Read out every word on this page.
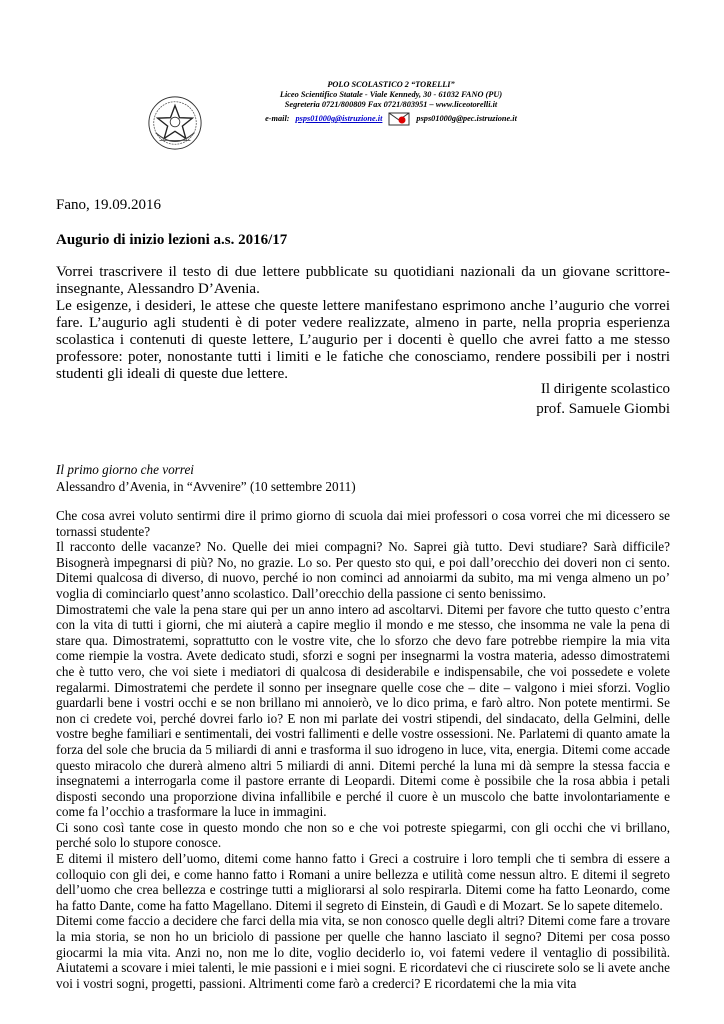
POLO SCOLASTICO 2 “TORELLI”
Liceo Scientifico Statale - Viale Kennedy, 30 - 61032 FANO (PU)
Segreteria 0721/800809 Fax 0721/803951 – www.liceotorelli.it
e-mail: psps01000g@istruzione.it	psps01000g@pec.istruzione.it
Fano, 19.09.2016
Augurio di inizio lezioni a.s. 2016/17

Vorrei trascrivere il testo di due lettere pubblicate su quotidiani nazionali da un giovane scrittore-insegnante, Alessandro D’Avenia.

Le esigenze, i desideri, le attese che queste lettere manifestano esprimono anche l’augurio che vorrei fare. L’augurio agli studenti è di poter vedere realizzate, almeno in parte, nella propria esperienza scolastica i contenuti di queste lettere, L’augurio per i docenti è quello che avrei fatto a me stesso professore: poter, nonostante tutti i limiti e le fatiche che conosciamo, rendere possibili per i nostri studenti gli ideali di queste due lettere.

Il dirigente scolastico
prof. Samuele Giombi
Il primo giorno che vorrei
Alessandro d’Avenia, in “Avvenire” (10 settembre 2011)

Che cosa avrei voluto sentirmi dire il primo giorno di scuola dai miei professori o cosa vorrei che mi dicessero se tornassi studente?

Il racconto delle vacanze? No. Quelle dei miei compagni? No. Saprei già tutto. Devi studiare? Sarà difficile? Bisognerà impegnarsi di più? No, no grazie. Lo so. Per questo sto qui, e poi dall’orecchio dei doveri non ci sento. Ditemi qualcosa di diverso, di nuovo, perché io non cominci ad annoiarmi da subito, ma mi venga almeno un po’ voglia di cominciarlo quest’anno scolastico. Dall’orecchio della passione ci sento benissimo.

Dimostratemi che vale la pena stare qui per un anno intero ad ascoltarvi. Ditemi per favore che tutto questo c’entra con la vita di tutti i giorni, che mi aiuterà a capire meglio il mondo e me stesso, che insomma ne vale la pena di stare qua. Dimostratemi, soprattutto con le vostre vite, che lo sforzo che devo fare potrebbe riempire la mia vita come riempie la vostra. Avete dedicato studi, sforzi e sogni per insegnarmi la vostra materia, adesso dimostratemi che è tutto vero, che voi siete i mediatori di qualcosa di desiderabile e indispensabile, che voi possedete e volete regalarmi. Dimostratemi che perdete il sonno per insegnare quelle cose che – dite – valgono i miei sforzi. Voglio guardarli bene i vostri occhi e se non brillano mi annoierò, ve lo dico prima, e farò altro. Non potete mentirmi. Se non ci credete voi, perché dovrei farlo io? E non mi parlate dei vostri stipendi, del sindacato, della Gelmini, delle vostre beghe familiari e sentimentali, dei vostri fallimenti e delle vostre ossessioni. Ne. Parlatemi di quanto amate la forza del sole che brucia da 5 miliardi di anni e trasforma il suo idrogeno in luce, vita, energia. Ditemi come accade questo miracolo che durerà almeno altri 5 miliardi di anni. Ditemi perché la luna mi dà sempre la stessa faccia e insegnatemi a interrogarla come il pastore errante di Leopardi. Ditemi come è possibile che la rosa abbia i petali disposti secondo una proporzione divina infallibile e perché il cuore è un muscolo che batte involontariamente e come fa l’occhio a trasformare la luce in immagini.

Ci sono così tante cose in questo mondo che non so e che voi potreste spiegarmi, con gli occhi che vi brillano, perché solo lo stupore conosce.

E ditemi il mistero dell’uomo, ditemi come hanno fatto i Greci a costruire i loro templi che ti sembra di essere a colloquio con gli dei, e come hanno fatto i Romani a unire bellezza e utilità come nessun altro. E ditemi il segreto dell’uomo che crea bellezza e costringe tutti a migliorarsi al solo respirarla. Ditemi come ha fatto Leonardo, come ha fatto Dante, come ha fatto Magellano. Ditemi il segreto di Einstein, di Gaudì e di Mozart. Se lo sapete ditemelo.

Ditemi come faccio a decidere che farci della mia vita, se non conosco quelle degli altri? Ditemi come fare a trovare la mia storia, se non ho un briciolo di passione per quelle che hanno lasciato il segno? Ditemi per cosa posso giocarmi la mia vita. Anzi no, non me lo dite, voglio deciderlo io, voi fatemi vedere il ventaglio di possibilità. Aiutatemi a scovare i miei talenti, le mie passioni e i miei sogni. E ricordatevi che ci riuscirete solo se li avete anche voi i vostri sogni, progetti, passioni. Altrimenti come farò a crederci? E ricordatemi che la mia vita
